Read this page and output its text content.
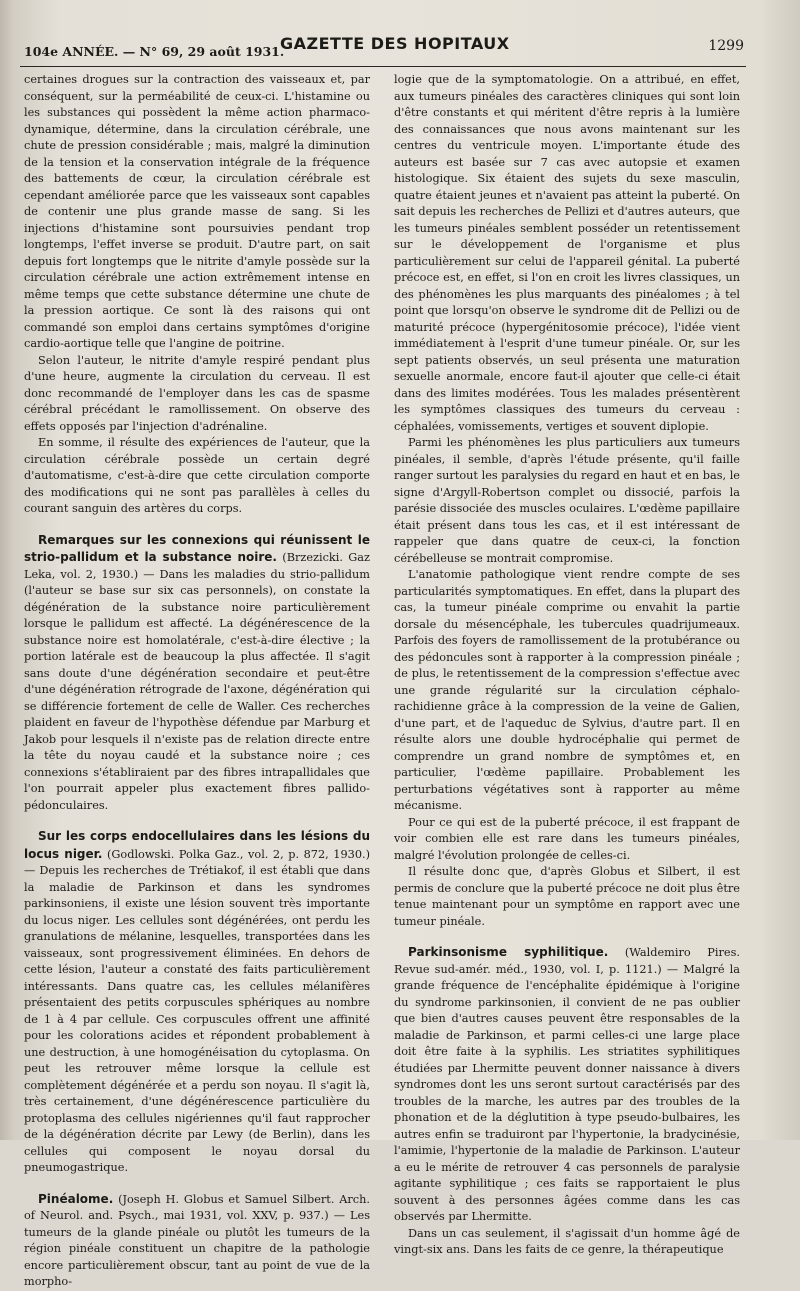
104e ANNÉE. — N° 69, 29 août 1931.
GAZETTE DES HOPITAUX	1299

certaines drogues sur la contraction des vaisseaux et, par conséquent, sur la perméabilité de ceux-ci. L'histamine ou les substances qui possèdent la même action pharmaco-dynamique, détermine, dans la circulation cérébrale, une chute de pression considérable ; mais, malgré la diminution de la tension et la conservation intégrale de la fréquence des battements de cœur, la circulation cérébrale est cependant améliorée parce que les vaisseaux sont capables de contenir une plus grande masse de sang. Si les injections d'histamine sont poursuivies pendant trop longtemps, l'effet inverse se produit. D'autre part, on sait depuis fort longtemps que le nitrite d'amyle possède sur la circulation cérébrale une action extrêmement intense en même temps que cette substance détermine une chute de la pression aortique. Ce sont là des raisons qui ont commandé son emploi dans certains symptômes d'origine cardio-aortique telle que l'angine de poitrine.

Selon l'auteur, le nitrite d'amyle respiré pendant plus d'une heure, augmente la circulation du cerveau. Il est donc recommandé de l'employer dans les cas de spasme cérébral précédant le ramollissement. On observe des effets opposés par l'injection d'adrénaline.

En somme, il résulte des expériences de l'auteur, que la circulation cérébrale possède un certain degré d'automatisme, c'est-à-dire que cette circulation comporte des modifications qui ne sont pas parallèles à celles du courant sanguin des artères du corps.

Remarques sur les connexions qui réunissent le strio-pallidum et la substance noire. (Brzezicki. Gaz Leka, vol. 2, 1930.) — Dans les maladies du strio-pallidum (l'auteur se base sur six cas personnels), on constate la dégénération de la substance noire particulièrement lorsque le pallidum est affecté. La dégénérescence de la substance noire est homolatérale, c'est-à-dire élective ; la portion latérale est de beaucoup la plus affectée. Il s'agit sans doute d'une dégénération secondaire et peut-être d'une dégénération rétrograde de l'axone, dégénération qui se différencie fortement de celle de Waller. Ces recherches plaident en faveur de l'hypothèse défendue par Marburg et Jakob pour lesquels il n'existe pas de relation directe entre la tête du noyau caudé et la substance noire ; ces connexions s'établiraient par des fibres intrapallidales que l'on pourrait appeler plus exactement fibres pallido-pédonculaires.

Sur les corps endocellulaires dans les lésions du locus niger. (Godlowski. Polka Gaz., vol. 2, p. 872, 1930.) — Depuis les recherches de Trétiakof, il est établi que dans la maladie de Parkinson et dans les syndromes parkinsoniens, il existe une lésion souvent très importante du locus niger. Les cellules sont dégénérées, ont perdu les granulations de mélanine, lesquelles, transportées dans les vaisseaux, sont progressivement éliminées. En dehors de cette lésion, l'auteur a constaté des faits particulièrement intéressants. Dans quatre cas, les cellules mélanifères présentaient des petits corpuscules sphériques au nombre de 1 à 4 par cellule. Ces corpuscules offrent une affinité pour les colorations acides et répondent probablement à une destruction, à une homogénéisation du cytoplasma. On peut les retrouver même lorsque la cellule est complètement dégénérée et a perdu son noyau. Il s'agit là, très certainement, d'une dégénérescence particulière du protoplasma des cellules nigériennes qu'il faut rapprocher de la dégénération décrite par Lewy (de Berlin), dans les cellules qui composent le noyau dorsal du pneumogastrique.

Pinéalome. (Joseph H. Globus et Samuel Silbert. Arch. of Neurol. and. Psych., mai 1931, vol. XXV, p. 937.) — Les tumeurs de la glande pinéale ou plutôt les tumeurs de la région pinéale constituent un chapitre de la pathologie encore particulièrement obscur, tant au point de vue de la morpho-

logie que de la symptomatologie. On a attribué, en effet, aux tumeurs pinéales des caractères cliniques qui sont loin d'être constants et qui méritent d'être repris à la lumière des connaissances que nous avons maintenant sur les centres du ventricule moyen. L'importante étude des auteurs est basée sur 7 cas avec autopsie et examen histologique. Six étaient des sujets du sexe masculin, quatre étaient jeunes et n'avaient pas atteint la puberté. On sait depuis les recherches de Pellizi et d'autres auteurs, que les tumeurs pinéales semblent posséder un retentissement sur le développement de l'organisme et plus particulièrement sur celui de l'appareil génital. La puberté précoce est, en effet, si l'on en croit les livres classiques, un des phénomènes les plus marquants des pinéalomes ; à tel point que lorsqu'on observe le syndrome dit de Pellizi ou de maturité précoce (hypergénitosomie précoce), l'idée vient immédiatement à l'esprit d'une tumeur pinéale. Or, sur les sept patients observés, un seul présenta une maturation sexuelle anormale, encore faut-il ajouter que celle-ci était dans des limites modérées. Tous les malades présentèrent les symptômes classiques des tumeurs du cerveau : céphalées, vomissements, vertiges et souvent diplopie.

Parmi les phénomènes les plus particuliers aux tumeurs pinéales, il semble, d'après l'étude présente, qu'il faille ranger surtout les paralysies du regard en haut et en bas, le signe d'Argyll-Robertson complet ou dissocié, parfois la parésie dissociée des muscles oculaires. L'œdème papillaire était présent dans tous les cas, et il est intéressant de rappeler que dans quatre de ceux-ci, la fonction cérébelleuse se montrait compromise.

L'anatomie pathologique vient rendre compte de ses particularités symptomatiques. En effet, dans la plupart des cas, la tumeur pinéale comprime ou envahit la partie dorsale du mésencéphale, les tubercules quadrijumeaux. Parfois des foyers de ramollissement de la protubérance ou des pédoncules sont à rapporter à la compression pinéale ; de plus, le retentissement de la compression s'effectue avec une grande régularité sur la circulation céphalo-rachidienne grâce à la compression de la veine de Galien, d'une part, et de l'aqueduc de Sylvius, d'autre part. Il en résulte alors une double hydrocéphalie qui permet de comprendre un grand nombre de symptômes et, en particulier, l'œdème papillaire. Probablement les perturbations végétatives sont à rapporter au même mécanisme.

Pour ce qui est de la puberté précoce, il est frappant de voir combien elle est rare dans les tumeurs pinéales, malgré l'évolution prolongée de celles-ci.

Il résulte donc que, d'après Globus et Silbert, il est permis de conclure que la puberté précoce ne doit plus être tenue maintenant pour un symptôme en rapport avec une tumeur pinéale.

Parkinsonisme syphilitique. (Waldemiro Pires. Revue sud-amér. méd., 1930, vol. I, p. 1121.) — Malgré la grande fréquence de l'encéphalite épidémique à l'origine du syndrome parkinsonien, il convient de ne pas oublier que bien d'autres causes peuvent être responsables de la maladie de Parkinson, et parmi celles-ci une large place doit être faite à la syphilis. Les striatites syphilitiques étudiées par Lhermitte peuvent donner naissance à divers syndromes dont les uns seront surtout caractérisés par des troubles de la marche, les autres par des troubles de la phonation et de la déglutition à type pseudo-bulbaires, les autres enfin se traduiront par l'hypertonie, la bradycinésie, l'amimie, l'hypertonie de la maladie de Parkinson. L'auteur a eu le mérite de retrouver 4 cas personnels de paralysie agitante syphilitique ; ces faits se rapportaient le plus souvent à des personnes âgées comme dans les cas observés par Lhermitte.

Dans un cas seulement, il s'agissait d'un homme âgé de vingt-six ans. Dans les faits de ce genre, la thérapeutique
